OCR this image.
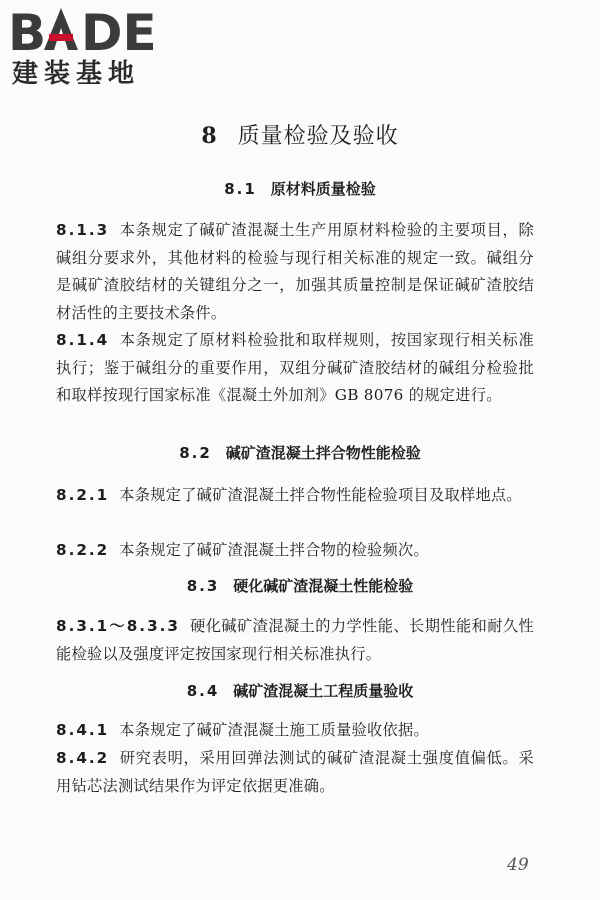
B DE
建装基地
8 质量检验及验收
8.1 原材料质量检验
8.1.3 本条规定了碱矿渣混凝土生产用原材料检验的主要项目，除碱组分要求外，其他材料的检验与现行相关标准的规定一致。碱组分是碱矿渣胶结材的关键组分之一，加强其质量控制是保证碱矿渣胶结材活性的主要技术条件。
8.1.4 本条规定了原材料检验批和取样规则，按国家现行相关标准执行；鉴于碱组分的重要作用，双组分碱矿渣胶结材的碱组分检验批和取样按现行国家标准《混凝土外加剂》GB 8076 的规定进行。
8.2 碱矿渣混凝土拌合物性能检验
8.2.1 本条规定了碱矿渣混凝土拌合物性能检验项目及取样地点。
8.2.2 本条规定了碱矿渣混凝土拌合物的检验频次。
8.3 硬化碱矿渣混凝土性能检验
8.3.1～8.3.3 硬化碱矿渣混凝土的力学性能、长期性能和耐久性能检验以及强度评定按国家现行相关标准执行。
8.4 碱矿渣混凝土工程质量验收
8.4.1 本条规定了碱矿渣混凝土施工质量验收依据。
8.4.2 研究表明，采用回弹法测试的碱矿渣混凝土强度值偏低。采用钻芯法测试结果作为评定依据更准确。
49
